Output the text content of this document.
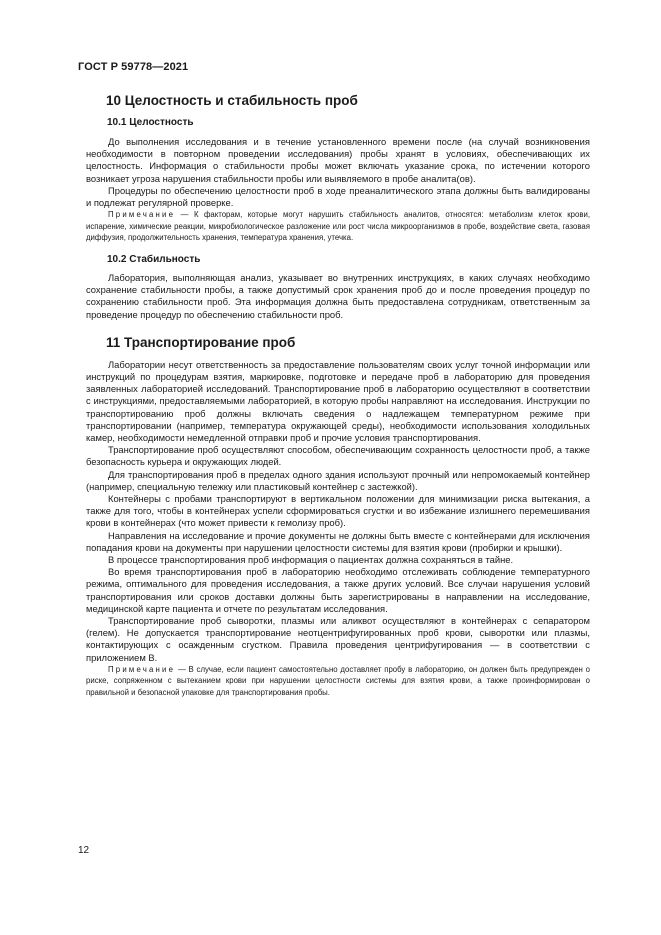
ГОСТ Р 59778—2021
10 Целостность и стабильность проб
10.1 Целостность

До выполнения исследования и в течение установленного времени после (на случай возникновения необходимости в повторном проведении исследования) пробы хранят в условиях, обеспечивающих их целостность. Информация о стабильности пробы может включать указание срока, по истечении которого возникает угроза нарушения стабильности пробы или выявляемого в пробе аналита(ов).

Процедуры по обеспечению целостности проб в ходе преаналитического этапа должны быть валидированы и подлежат регулярной проверке.

Примечание — К факторам, которые могут нарушить стабильность аналитов, относятся: метаболизм клеток крови, испарение, химические реакции, микробиологическое разложение или рост числа микроорганизмов в пробе, воздействие света, газовая диффузия, продолжительность хранения, температура хранения, утечка.

10.2 Стабильность

Лаборатория, выполняющая анализ, указывает во внутренних инструкциях, в каких случаях необходимо сохранение стабильности пробы, а также допустимый срок хранения проб до и после проведения процедур по сохранению стабильности проб. Эта информация должна быть предоставлена сотрудникам, ответственным за проведение процедур по обеспечению стабильности проб.

11 Транспортирование проб

Лаборатории несут ответственность за предоставление пользователям своих услуг точной информации или инструкций по процедурам взятия, маркировке, подготовке и передаче проб в лабораторию для проведения заявленных лабораторией исследований. Транспортирование проб в лабораторию осуществляют в соответствии с инструкциями, предоставляемыми лабораторией, в которую пробы направляют на исследования. Инструкции по транспортированию проб должны включать сведения о надлежащем температурном режиме при транспортировании (например, температура окружающей среды), необходимости использования холодильных камер, необходимости немедленной отправки проб и прочие условия транспортирования.

Транспортирование проб осуществляют способом, обеспечивающим сохранность целостности проб, а также безопасность курьера и окружающих людей.

Для транспортирования проб в пределах одного здания используют прочный или непромокаемый контейнер (например, специальную тележку или пластиковый контейнер с застежкой).

Контейнеры с пробами транспортируют в вертикальном положении для минимизации риска вытекания, а также для того, чтобы в контейнерах успели сформироваться сгустки и во избежание излишнего перемешивания крови в контейнерах (что может привести к гемолизу проб).

Направления на исследование и прочие документы не должны быть вместе с контейнерами для исключения попадания крови на документы при нарушении целостности системы для взятия крови (пробирки и крышки).

В процессе транспортирования проб информация о пациентах должна сохраняться в тайне.

Во время транспортирования проб в лабораторию необходимо отслеживать соблюдение температурного режима, оптимального для проведения исследования, а также других условий. Все случаи нарушения условий транспортирования или сроков доставки должны быть зарегистрированы в направлении на исследование, медицинской карте пациента и отчете по результатам исследования.

Транспортирование проб сыворотки, плазмы или аликвот осуществляют в контейнерах с сепаратором (гелем). Не допускается транспортирование неотцентрифугированных проб крови, сыворотки или плазмы, контактирующих с осажденным сгустком. Правила проведения центрифугирования — в соответствии с приложением В.

Примечание — В случае, если пациент самостоятельно доставляет пробу в лабораторию, он должен быть предупрежден о риске, сопряженном с вытеканием крови при нарушении целостности системы для взятия крови, а также проинформирован о правильной и безопасной упаковке для транспортирования пробы.

12
